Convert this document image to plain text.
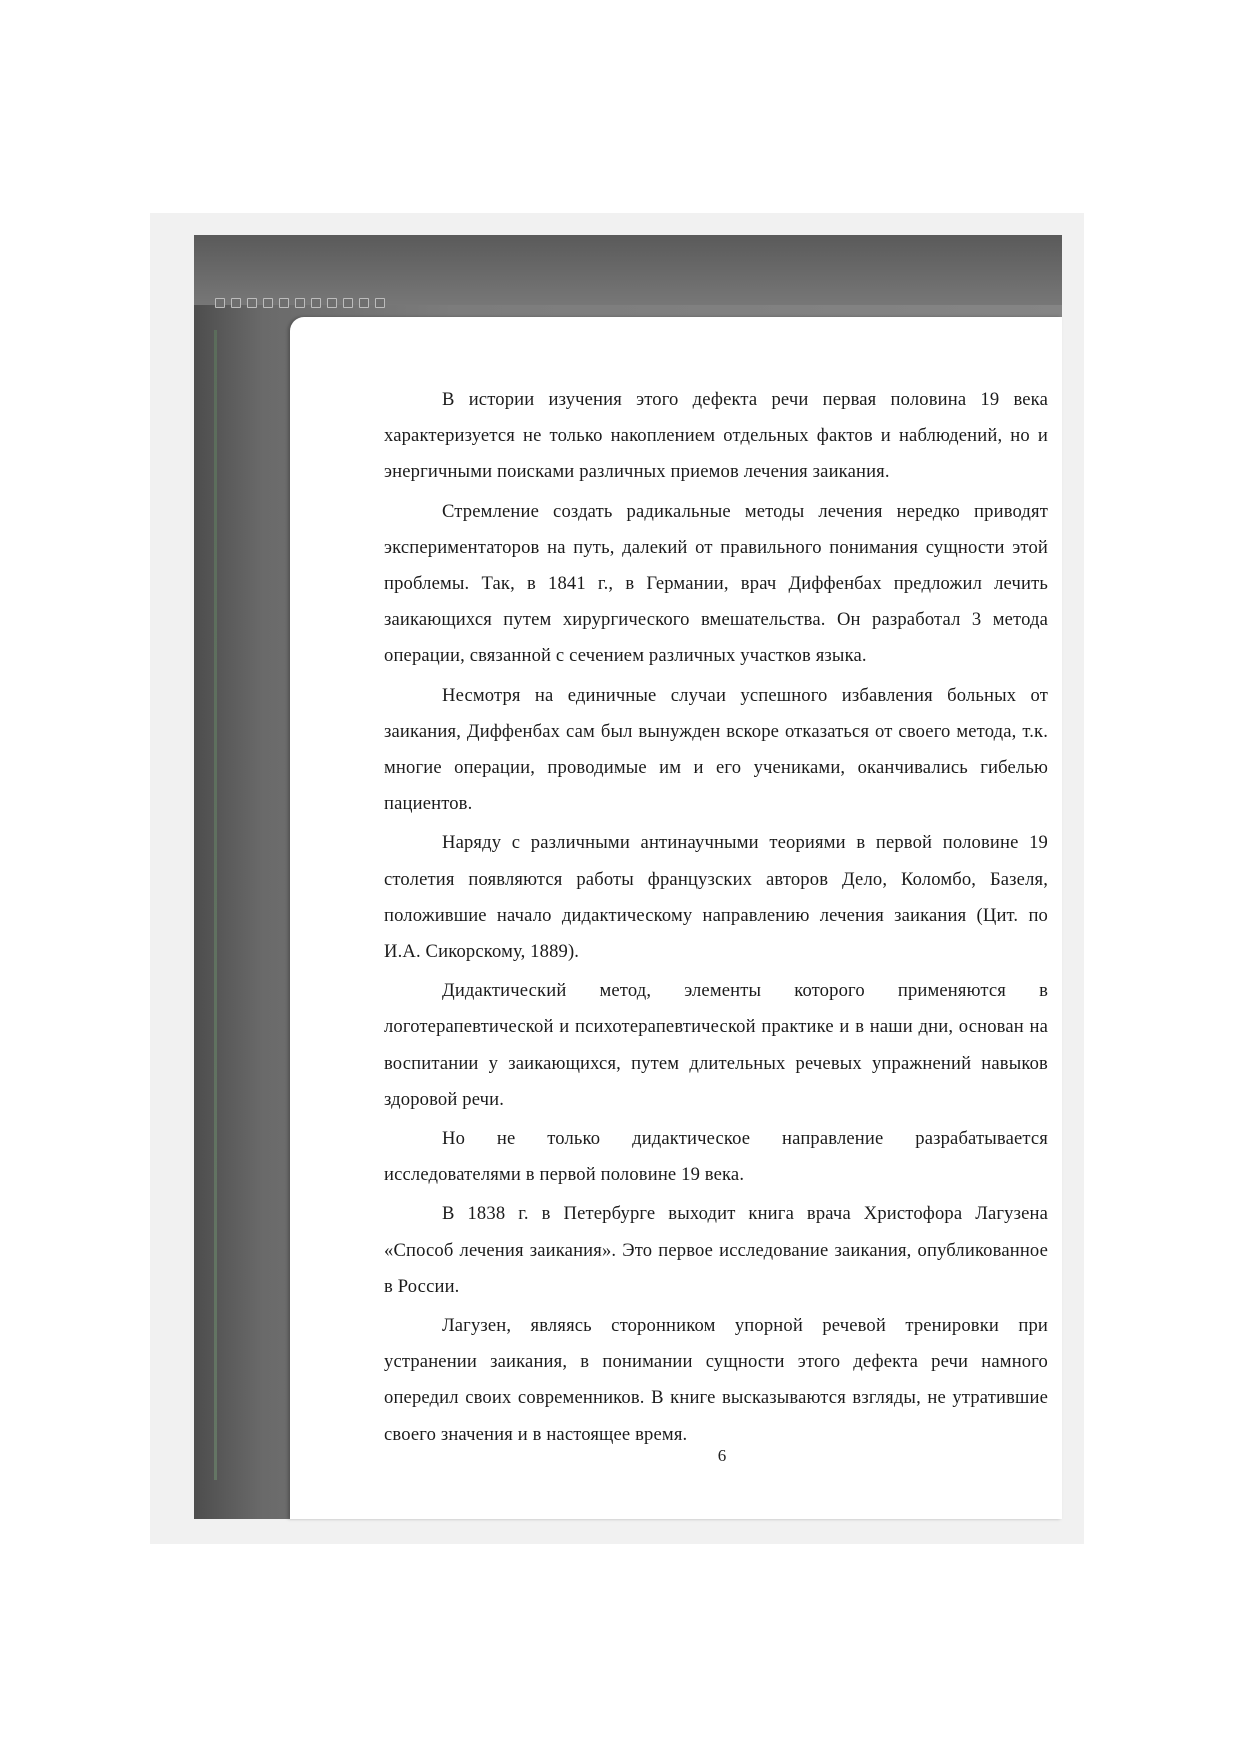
В истории изучения этого дефекта речи первая половина 19 века характеризуется не только накоплением отдельных фактов и наблюдений, но и энергичными поисками различных приемов лечения заикания.

Стремление создать радикальные методы лечения нередко приводят экспериментаторов на путь, далекий от правильного понимания сущности этой проблемы. Так, в 1841 г., в Германии, врач Диффенбах предложил лечить заикающихся путем хирургического вмешательства. Он разработал 3 метода операции, связанной с сечением различных участков языка.

Несмотря на единичные случаи успешного избавления больных от заикания, Диффенбах сам был вынужден вскоре отказаться от своего метода, т.к. многие операции, проводимые им и его учениками, оканчивались гибелью пациентов.

Наряду с различными антинаучными теориями в первой половине 19 столетия появляются работы французских авторов Дело, Коломбо, Базеля, положившие начало дидактическому направлению лечения заикания (Цит. по И.А. Сикорскому, 1889).

Дидактический метод, элементы которого применяются в логотерапевтической и психотерапевтической практике и в наши дни, основан на воспитании у заикающихся, путем длительных речевых упражнений навыков здоровой речи.

Но не только дидактическое направление разрабатывается исследователями в первой половине 19 века.

В 1838 г. в Петербурге выходит книга врача Христофора Лагузена «Способ лечения заикания». Это первое исследование заикания, опубликованное в России.

Лагузен, являясь сторонником упорной речевой тренировки при устранении заикания, в понимании сущности этого дефекта речи намного опередил своих современников. В книге высказываются взгляды, не утратившие своего значения и в настоящее время.

6
